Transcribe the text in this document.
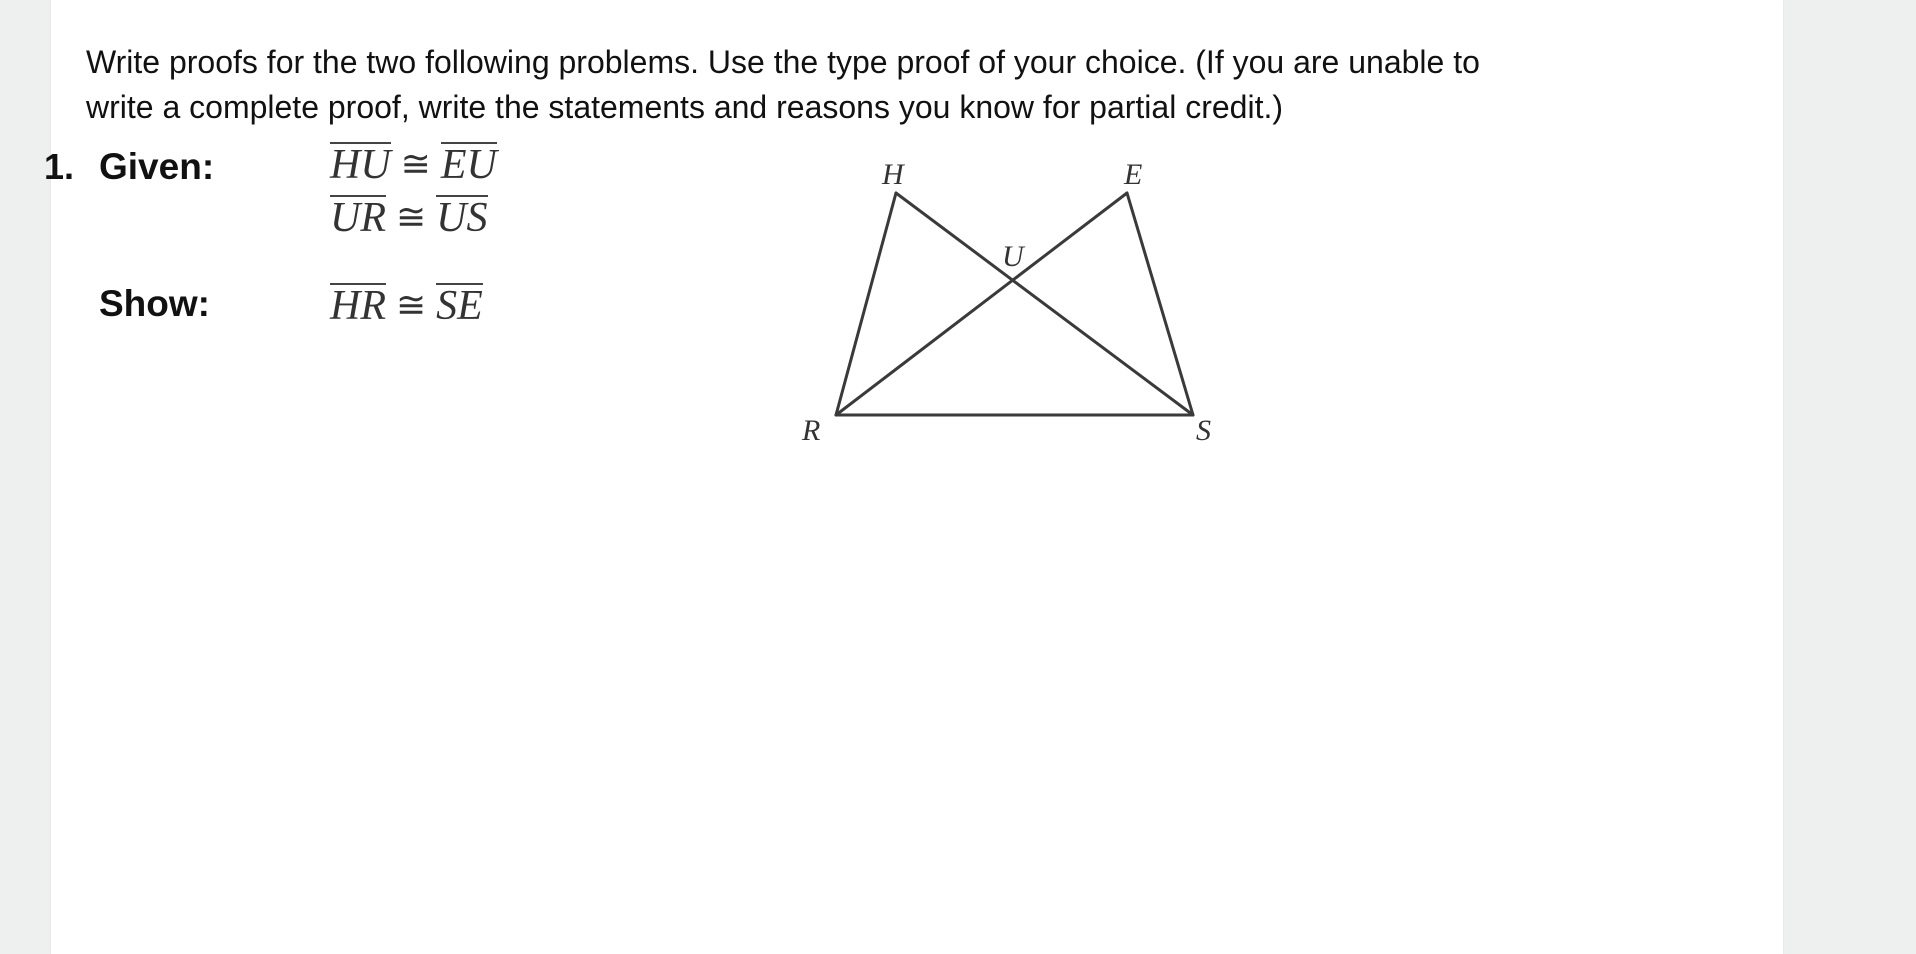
Write proofs for the two following problems. Use the type proof of your choice. (If you are unable to
write a complete proof, write the statements and reasons you know for partial credit.)
1. Given:
Show:
HU ≅ EU
UR ≅ US
HR ≅ SE
H	E
U
R	S
